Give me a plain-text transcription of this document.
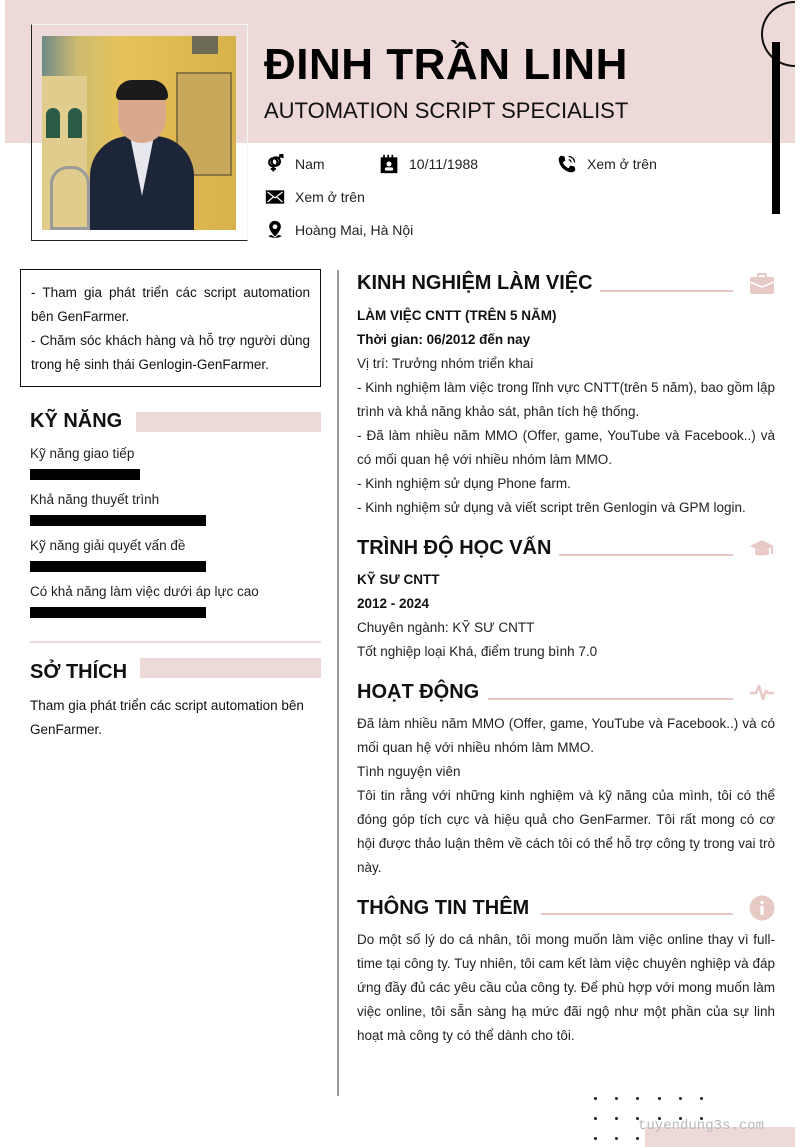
ĐINH TRẦN LINH
AUTOMATION SCRIPT SPECIALIST
Nam	10/11/1988	Xem ở trên
Xem ở trên
Hoàng Mai, Hà Nội
- Tham gia phát triển các script automation bên GenFarmer.
- Chăm sóc khách hàng và hỗ trợ người dùng trong hệ sinh thái Genlogin-GenFarmer.
KỸ NĂNG
Kỹ năng giao tiếp
Khả năng thuyết trình
Kỹ năng giải quyết vấn đề
Có khả năng làm việc dưới áp lực cao
SỞ THÍCH
Tham gia phát triển các script automation bên GenFarmer.
KINH NGHIỆM LÀM VIỆC
LÀM VIỆC CNTT (TRÊN 5 NĂM)
Thời gian: 06/2012 đến nay
Vị trí: Trưởng nhóm triển khai
- Kinh nghiệm làm việc trong lĩnh vực CNTT(trên 5 năm), bao gồm lập trình và khả năng khảo sát, phân tích hệ thống.
- Đã làm nhiều năm MMO (Offer, game, YouTube và Facebook..) và có mối quan hệ với nhiều nhóm làm MMO.
- Kinh nghiệm sử dụng Phone farm.
- Kinh nghiệm sử dụng và viết script trên Genlogin và GPM login.
TRÌNH ĐỘ HỌC VẤN
KỸ SƯ CNTT
2012 - 2024
Chuyên ngành: KỸ SƯ CNTT
Tốt nghiệp loại Khá, điểm trung bình 7.0
HOẠT ĐỘNG
Đã làm nhiều năm MMO (Offer, game, YouTube và Facebook..) và có mối quan hệ với nhiều nhóm làm MMO.
Tình nguyện viên
Tôi tin rằng với những kinh nghiệm và kỹ năng của mình, tôi có thể đóng góp tích cực và hiệu quả cho GenFarmer. Tôi rất mong có cơ hội được thảo luận thêm về cách tôi có thể hỗ trợ công ty trong vai trò này.
THÔNG TIN THÊM
Do một số lý do cá nhân, tôi mong muốn làm việc online thay vì full-time tại công ty. Tuy nhiên, tôi cam kết làm việc chuyên nghiệp và đáp ứng đầy đủ các yêu cầu của công ty. Để phù hợp với mong muốn làm việc online, tôi sẵn sàng hạ mức đãi ngộ như một phần của sự linh hoạt mà công ty có thể dành cho tôi.
tuyendung3s.com
